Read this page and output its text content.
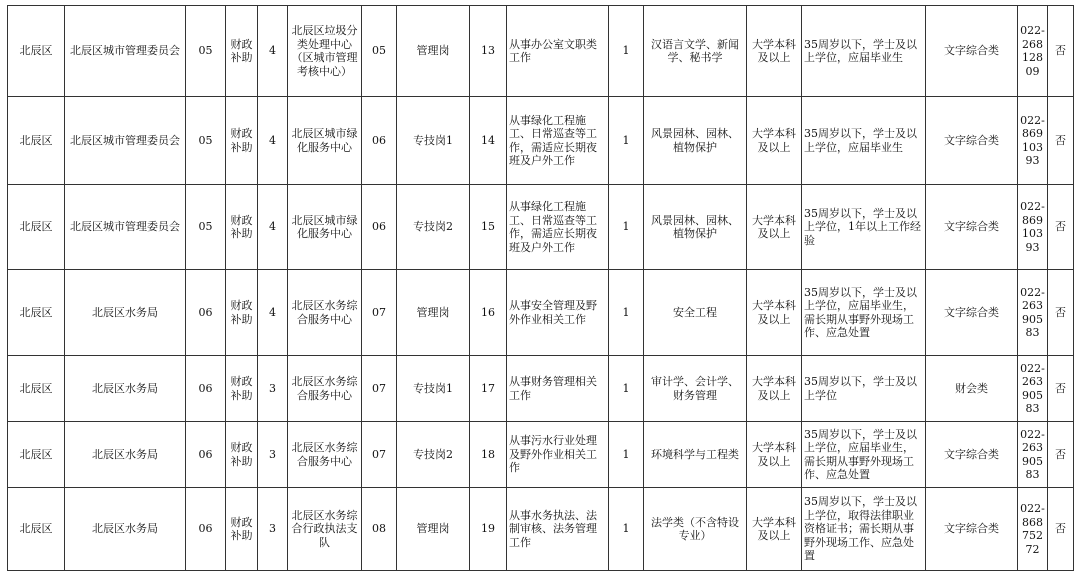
北辰区	北辰区城市管理委员会	05	财政补助	4	北辰区垃圾分类处理中心（区城市管理考核中心）	05	管理岗	13	从事办公室文职类工作	1	汉语言文学、新闻学、秘书学	大学本科及以上	35周岁以下，学士及以上学位，应届毕业生	文字综合类	022-26812809	否
北辰区	北辰区城市管理委员会	05	财政补助	4	北辰区城市绿化服务中心	06	专技岗1	14	从事绿化工程施工、日常巡查等工作，需适应长期夜班及户外工作	1	风景园林、园林、植物保护	大学本科及以上	35周岁以下，学士及以上学位，应届毕业生	文字综合类	022-86910393	否
北辰区	北辰区城市管理委员会	05	财政补助	4	北辰区城市绿化服务中心	06	专技岗2	15	从事绿化工程施工、日常巡查等工作，需适应长期夜班及户外工作	1	风景园林、园林、植物保护	大学本科及以上	35周岁以下，学士及以上学位，1年以上工作经验	文字综合类	022-86910393	否
北辰区	北辰区水务局	06	财政补助	4	北辰区水务综合服务中心	07	管理岗	16	从事安全管理及野外作业相关工作	1	安全工程	大学本科及以上	35周岁以下，学士及以上学位，应届毕业生，需长期从事野外现场工作、应急处置	文字综合类	022-26390583	否
北辰区	北辰区水务局	06	财政补助	3	北辰区水务综合服务中心	07	专技岗1	17	从事财务管理相关工作	1	审计学、会计学、财务管理	大学本科及以上	35周岁以下，学士及以上学位	财会类	022-26390583	否
北辰区	北辰区水务局	06	财政补助	3	北辰区水务综合服务中心	07	专技岗2	18	从事污水行业处理及野外作业相关工作	1	环境科学与工程类	大学本科及以上	35周岁以下，学士及以上学位，应届毕业生，需长期从事野外现场工作、应急处置	文字综合类	022-26390583	否
北辰区	北辰区水务局	06	财政补助	3	北辰区水务综合行政执法支队	08	管理岗	19	从事水务执法、法制审核、法务管理工作	1	法学类（不含特设专业）	大学本科及以上	35周岁以下，学士及以上学位，取得法律职业资格证书；需长期从事野外现场工作、应急处置	文字综合类	022-86875272	否
